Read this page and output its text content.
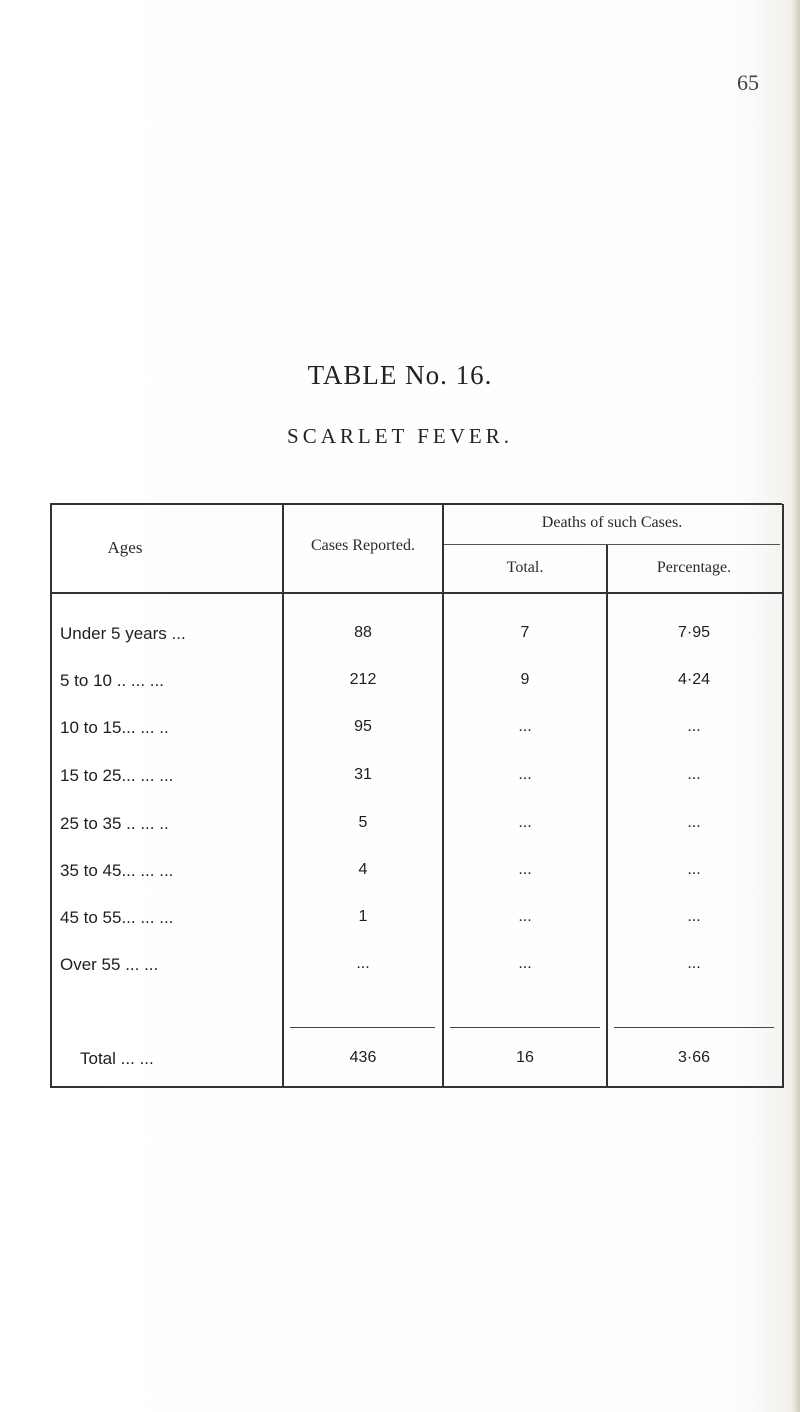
65
TABLE No. 16.
SCARLET FEVER.
Ages	Cases Reported.
Deaths of such Cases.
Total.	Percentage.
Under 5 years ...	88	7	7·95
5 to 10 .. ... ...	212	9	4·24
10 to 15... ... ..	95	...	...
15 to 25... ... ...	31	...	...
25 to 35 .. ... ..	5	...	...
35 to 45... ... ...	4	...	...
45 to 55... ... ...	1	...	...
Over 55 ... ...	...	...	...
Total ... ...	436	16	3·66
